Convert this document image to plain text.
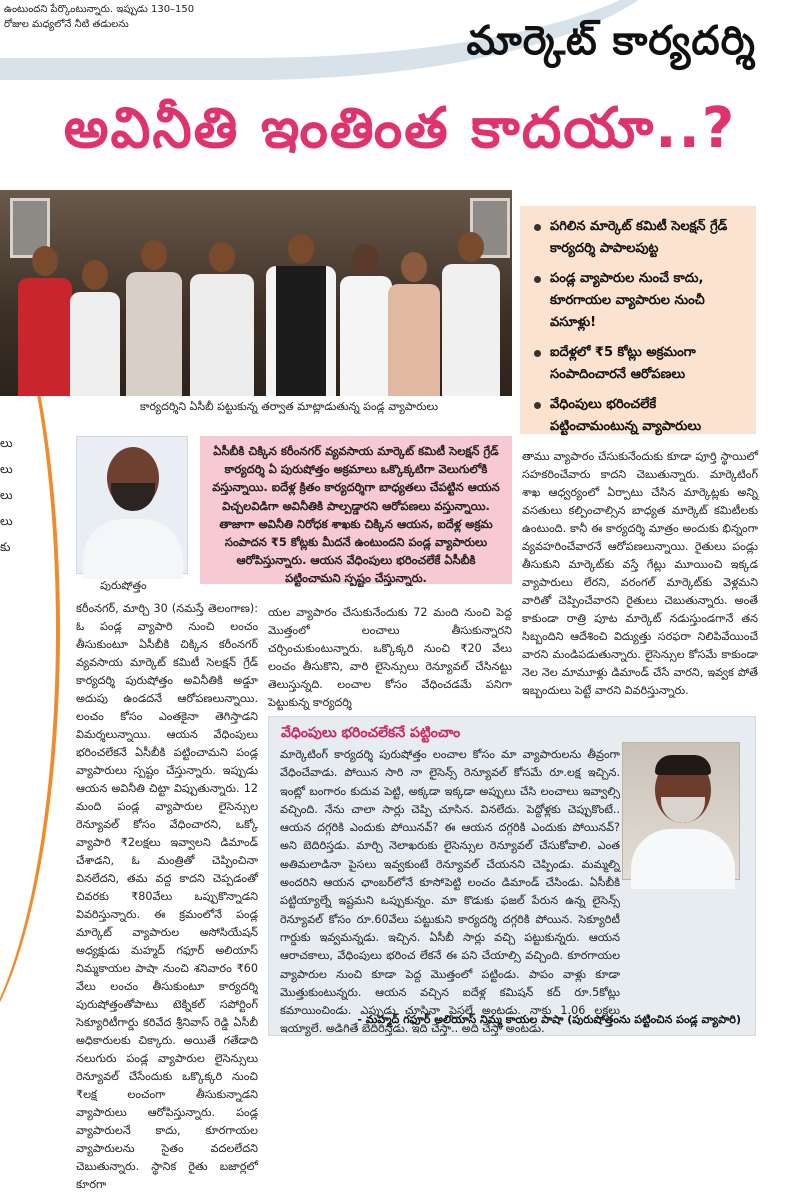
ఉంటుందని పేర్కొంటున్నారు. ఇప్పుడు 130–150
రోజుల మధ్యలోనే నీటి తడులను	మార్కెట్ కార్యదర్శి
అవినీతి ఇంతింత కాదయా..?
లు
లు
లు
లు
కు
కార్యదర్శిని ఏసీబీ పట్టుకున్న తర్వాత మాట్లాడుతున్న పండ్ల వ్యాపారులు
పగిలిన మార్కెట్ కమిటీ సెలక్షన్ గ్రేడ్ కార్యదర్శి పాపాలపుట్ట
పండ్ల వ్యాపారుల నుంచే కాదు, కూరగాయల వ్యాపారుల నుంచీ వసూళ్లు!
ఐదేళ్లలో ₹5 కోట్లు అక్రమంగా సంపాదించారనే ఆరోపణలు
వేధింపులు భరించలేకే పట్టించామంటున్న వ్యాపారులు
పురుషోత్తం

ఏసీబీకి చిక్కిన కరీంనగర్ వ్యవసాయ మార్కెట్ కమిటీ సెలక్షన్ గ్రేడ్ కార్యదర్శి ఏ పురుషోత్తం అక్రమాలు ఒక్కొక్కటిగా వెలుగులోకి వస్తున్నాయి. ఐదేళ్ల క్రితం కార్యదర్శిగా బాధ్యతలు చేపట్టిన ఆయన విచ్చలవిడిగా అవినీతికి పాల్పడ్డారని ఆరోపణలు వస్తున్నాయి. తాజాగా అవినీతి నిరోధక శాఖకు చిక్కిన ఆయన, ఐదేళ్ల అక్రమ సంపాదన ₹5 కోట్లకు మీదనే ఉంటుందని పండ్ల వ్యాపారులు ఆరోపిస్తున్నారు. ఆయన వేధింపులు భరించలేకే ఏసీబీకి పట్టించామని స్పష్టం చేస్తున్నారు.

కరీంనగర్, మార్చి 30 (నమస్తే తెలంగాణ): ఓ పండ్ల వ్యాపారి నుంచి లంచం తీసుకుంటూ ఏసీబీకి చిక్కిన కరీంనగర్ వ్యవసాయ మార్కెట్ కమిటీ సెలక్షన్ గ్రేడ్ కార్యదర్శి పురుషోత్తం అవినీతికి అడ్డూ అదుపు ఉండదనే ఆరోపణలున్నాయి. లంచం కోసం ఎంతకైనా తెగిస్తాడని విమర్శలున్నాయి. ఆయన వేధింపులు భరించలేకనే ఏసీబీకి పట్టించామని పండ్ల వ్యాపారులు స్పష్టం చేస్తున్నారు. ఇప్పుడు ఆయన అవినీతి చిట్టా విప్పుతున్నారు. 12 మంది పండ్ల వ్యాపారుల లైసెన్సుల రెన్యూవల్ కోసం వేధించారని, ఒక్కో వ్యాపారి ₹2లక్షలు ఇవ్వాలని డిమాండ్ చేశాడని, ఓ మంత్రితో చెప్పించినా వినలేదని, తమ వద్ద కాదని చెప్పడంతో చివరకు ₹80వేలు ఒప్పుకొన్నాడని వివరిస్తున్నారు. ఈ క్రమంలోనే పండ్ల మార్కెట్ వ్యాపారుల అసోసియేషన్ అధ్యక్షుడు మహ్మద్ గఫూర్ అలియాస్ నిమ్మకాయల పాషా నుంచి శనివారం ₹60 వేలు లంచం తీసుకుంటూ కార్యదర్శి పురుషోత్తంతోపాటు టెక్నికల్ సపోర్టింగ్ సెక్యూరిటీగార్డు కరివేద శ్రీనివాస్ రెడ్డి ఏసీబీ అధికారులకు చిక్కారు. అయితే గతేడాది నలుగురు పండ్ల వ్యాపారుల లైసెన్సులు రెన్యూవల్ చేసేందుకు ఒక్కొక్కరి నుంచి ₹లక్ష లంచంగా తీసుకున్నాడని వ్యాపారులు ఆరోపిస్తున్నారు. పండ్ల వ్యాపారులనే కాదు, కూరగాయల వ్యాపారులను సైతం వదలలేదని చెబుతున్నారు. స్థానిక రైతు బజార్లలో కూరగా

యల వ్యాపారం చేసుకునేందుకు 72 మంది నుంచి పెద్ద మొత్తంలో లంచాలు తీసుకున్నారని చర్చించుకుంటున్నారు. ఒక్కొక్కరి నుంచి ₹20 వేలు లంచం తీసుకొని, వారి లైసెన్సులు రెన్యూవల్ చేసినట్టు తెలుస్తున్నది. లంచాల కోసం వేధించడమే పనిగా పెట్టుకున్న కార్యదర్శి

తాము వ్యాపారం చేసుకునేందుకు కూడా పూర్తి స్థాయిలో సహకరించేవారు కాదని చెబుతున్నారు. మార్కెటింగ్ శాఖ ఆధ్వర్యంలో ఏర్పాటు చేసిన మార్కెట్లకు అన్ని వసతులు కల్పించాల్సిన బాధ్యత మార్కెట్ కమిటీలకు ఉంటుంది. కానీ ఈ కార్యదర్శి మాత్రం అందుకు భిన్నంగా వ్యవహరించేవారనే ఆరోపణలున్నాయి. రైతులు పండ్లు తీసుకుని మార్కెట్‌కు వస్తే గేట్లు మూయించి ఇక్కడ వ్యాపారులు లేరని, వరంగల్ మార్కెట్‌కు వెళ్లమని వారితో చెప్పించేవారని రైతులు చెబుతున్నారు. అంతే కాకుండా రాత్రి పూట మార్కెట్ నడుస్తుండగానే తన సిబ్బందిని ఆదేశించి విద్యుత్తు సరఫరా నిలిపివేయించే వారని మండిపడుతున్నారు. లైసెన్సుల కోసమే కాకుండా నెల నెల మామూళ్లు డిమాండ్ చేసే వారని, ఇవ్వక పోతే ఇబ్బందులు పెట్టే వారని వివరిస్తున్నారు.

వేధింపులు భరించలేకనే పట్టించాం
- మహ్మద్ గఫూర్ అలియాస్ నిమ్మ కాయల పాషా (పురుషోత్తంను పట్టించిన పండ్ల వ్యాపారి)

మార్కెటింగ్ కార్యదర్శి పురుషోత్తం లంచాల కోసం మా వ్యాపారులను తీవ్రంగా వేధించేవాడు. పోయిన సారి నా లైసెన్స్ రెన్యూవల్ కోసమే రూ.లక్ష ఇచ్చిన. ఇంట్లో బంగారం కుదువ పెట్టి, అక్కడా ఇక్కడా అప్పులు చేసి లంచాలు ఇవ్వాల్సి వచ్చింది. నేను చాలా సార్లు చెప్పి చూసిన. వినలేదు. పెద్దోళ్లకు చెప్పుకొంటే.. ఆయన దగ్గరికి ఎందుకు పోయినవ్? ఈ ఆయన దగ్గరికి ఎందుకు పోయినవ్? అని బెదిరిస్తడు. మార్చి నెలాఖరుకు లైసెన్సుల రెన్యూవల్ చేసుకోవాలి. ఎంత అతిమలాడినా పైసలు ఇవ్వకుంటే రెన్యూవల్ చేయనని చెప్పిండు. మమ్మల్ని అందరిని ఆయన ఛాంబర్‌లోనే కూసోపెట్టి లంచం డిమాండ్ చేసిండు. ఏసీబీకి పట్టియ్యాల్నే ఇష్టమని ఒప్పుకున్నం. మా కొడుకు ఫజల్ పేరున ఉన్న లైసెన్స్ రెన్యూవల్ కోసం రూ.60వేలు పట్టుకుని కార్యదర్శి దగ్గరికి పోయిన. సెక్యూరిటీ గార్డుకు ఇవ్వమన్నడు. ఇచ్చిన. ఏసీబీ సార్లు వచ్చి పట్టుకున్నరు. ఆయన ఆరాచకాలు, వేధింపులు భరించ లేకనే ఈ పని చేయాల్సి వచ్చింది. కూరగాయల వ్యాపారుల నుంచి కూడా పెద్ద మొత్తంలో పట్టిండు. పాపం వాళ్లు కూడా మొత్తుకుంటున్నరు. ఆయన వచ్చిన ఐదేళ్ల కమిషన్ కద్ రూ.5కోట్లు కమాయించిండు. ఎప్పుడు చూసినా పైసలే అంటడు. నాకు 1.06 లక్షలు ఇయ్యాలే. అడిగితే బెదిరిస్తడు. ఇది చేస్తా.. అది చేస్తా అంటడు.
